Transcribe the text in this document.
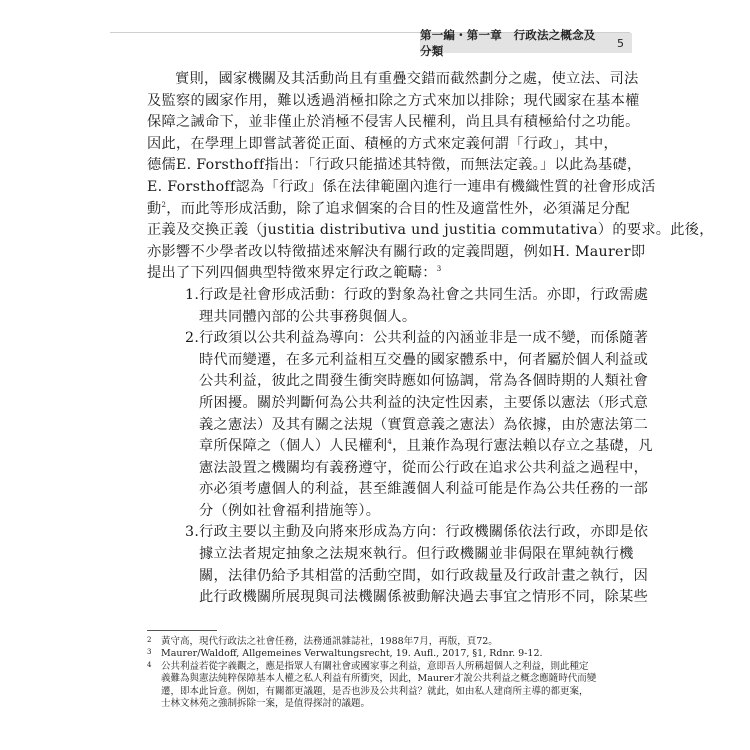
第一編・第一章　行政法之概念及分類
5
實則，國家機關及其活動尚且有重疊交錯而截然劃分之處，使立法、司法
及監察的國家作用，難以透過消極扣除之方式來加以排除；現代國家在基本權
保障之誡命下，並非僅止於消極不侵害人民權利，尚且具有積極給付之功能。
因此，在學理上即嘗試著從正面、積極的方式來定義何謂「行政」，其中，
德儒E. Forsthoff指出：「行政只能描述其特徵，而無法定義。」以此為基礎，
E. Forsthoff認為「行政」係在法律範圍內進行一連串有機織性質的社會形成活
動$^2$，而此等形成活動，除了追求個案的合目的性及適當性外，必須滿足分配
正義及交換正義（justitia distributiva und justitia commutativa）的要求。此後，
亦影響不少學者改以特徵描述來解決有關行政的定義問題，例如H. Maurer即
提出了下列四個典型特徵來界定行政之範疇：$^3$
1.行政是社會形成活動：行政的對象為社會之共同生活。亦即，行政需處
理共同體內部的公共事務與個人。
2.行政須以公共利益為導向：公共利益的內涵並非是一成不變，而係隨著
時代而變遷，在多元利益相互交疊的國家體系中，何者屬於個人利益或
公共利益，彼此之間發生衝突時應如何協調，常為各個時期的人類社會
所困擾。關於判斷何為公共利益的決定性因素，主要係以憲法（形式意
義之憲法）及其有關之法規（實質意義之憲法）為依據，由於憲法第二
章所保障之（個人）人民權利$^4$，且兼作為現行憲法賴以存立之基礎，凡
憲法設置之機關均有義務遵守，從而公行政在追求公共利益之過程中，
亦必須考慮個人的利益，甚至維護個人利益可能是作為公共任務的一部
分（例如社會福利措施等）。
3.行政主要以主動及向將來形成為方向：行政機關係依法行政，亦即是依
據立法者規定抽象之法規來執行。但行政機關並非侷限在單純執行機
關，法律仍給予其相當的活動空間，如行政裁量及行政計畫之執行，因
此行政機關所展現與司法機關係被動解決過去事宜之情形不同，除某些
2 黃守高，現代行政法之社會任務，法務通訊雜誌社，1988年7月，再版，頁72。
3 Maurer/Waldoff, Allgemeines Verwaltungsrecht, 19. Aufl., 2017, §1, Rdnr. 9-12.
4 公共利益若從字義觀之，應是指眾人有關社會或國家事之利益，意即吾人所稱超個人之利益，則此種定
義難為與憲法純粹保障基本人權之私人利益有所衝突，因此，Maurer才說公共利益之概念應隨時代而變
遷，即本此旨意。例如，有關都更議題，是否也涉及公共利益？就此，如由私人建商所主導的都更案，
士林文林苑之強制拆除一案，是值得探討的議題。
